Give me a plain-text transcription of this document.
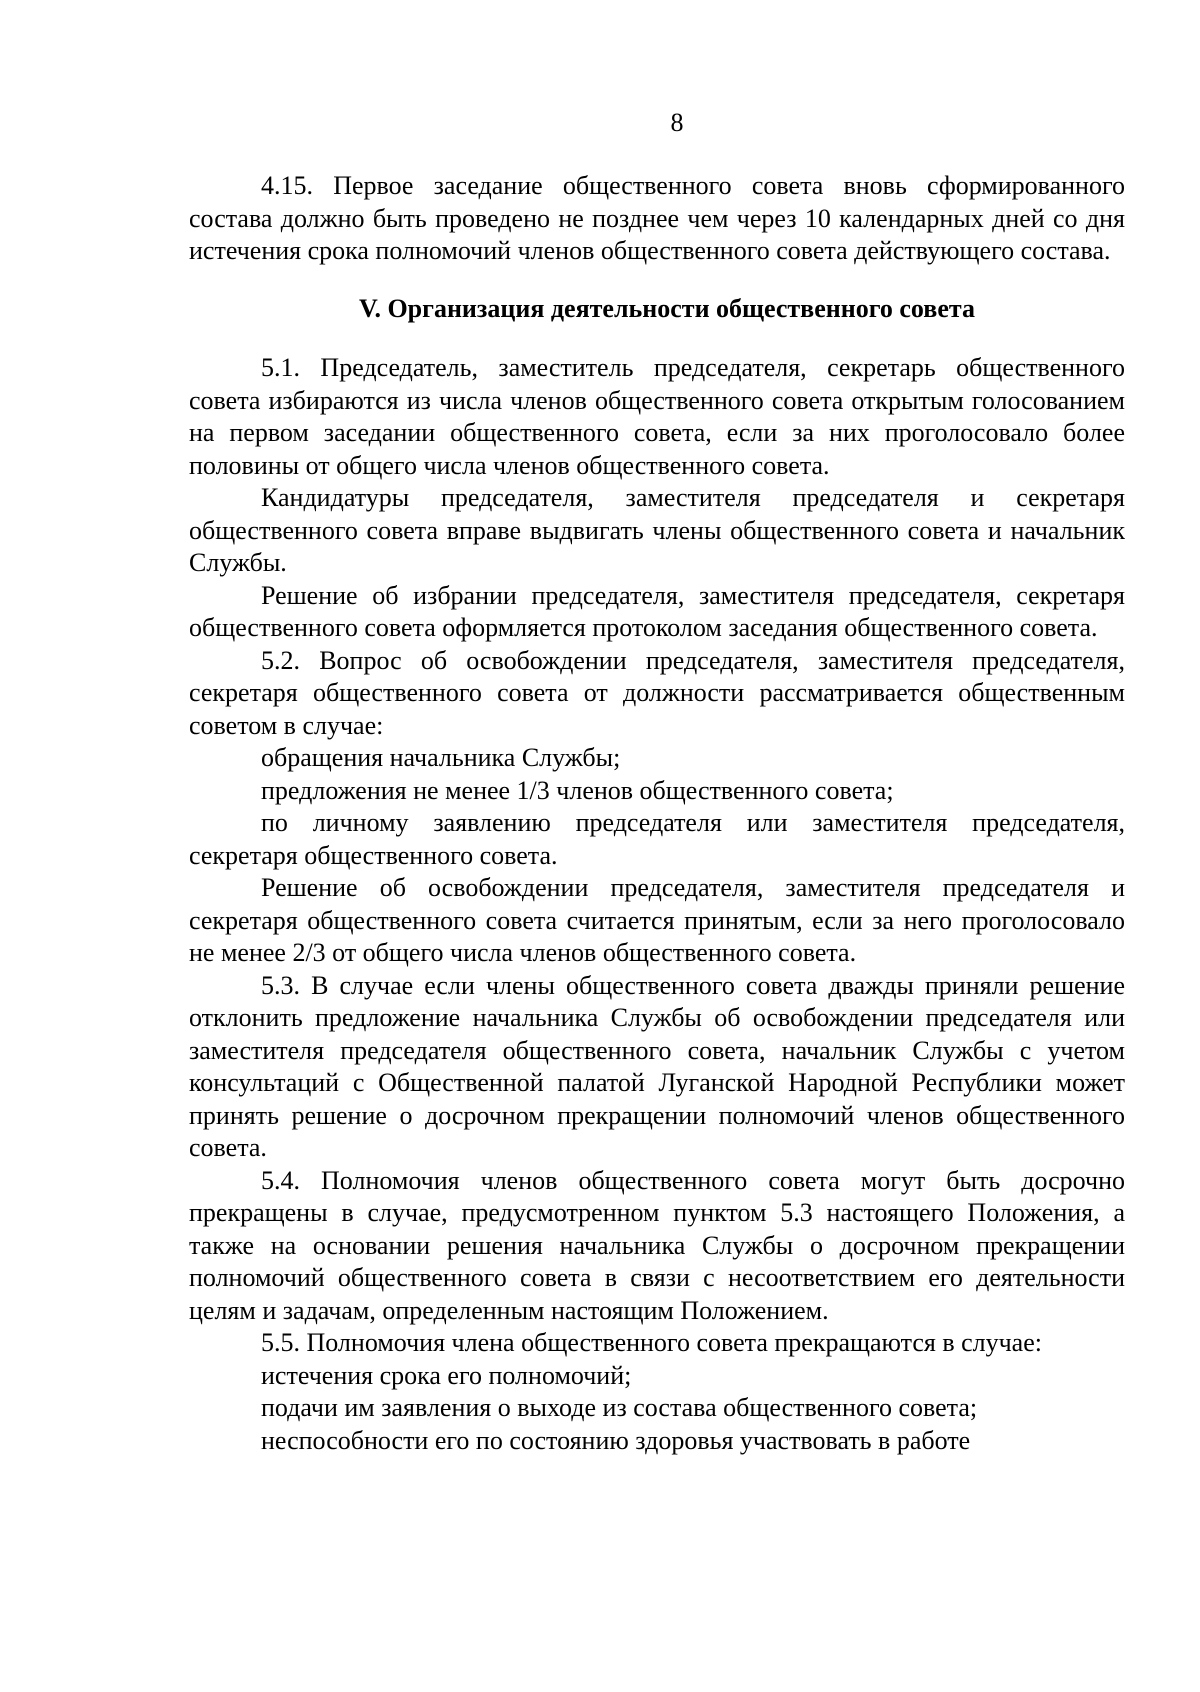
8

4.15. Первое заседание общественного совета вновь сформированного состава должно быть проведено не позднее чем через 10 календарных дней со дня истечения срока полномочий членов общественного совета действующего состава.

V. Организация деятельности общественного совета

5.1. Председатель, заместитель председателя, секретарь общественного совета избираются из числа членов общественного совета открытым голосованием на первом заседании общественного совета, если за них проголосовало более половины от общего числа членов общественного совета.

Кандидатуры председателя, заместителя председателя и секретаря общественного совета вправе выдвигать члены общественного совета и начальник Службы.

Решение об избрании председателя, заместителя председателя, секретаря общественного совета оформляется протоколом заседания общественного совета.

5.2. Вопрос об освобождении председателя, заместителя председателя, секретаря общественного совета от должности рассматривается общественным советом в случае:

обращения начальника Службы;

предложения не менее 1/3 членов общественного совета;

по личному заявлению председателя или заместителя председателя, секретаря общественного совета.

Решение об освобождении председателя, заместителя председателя и секретаря общественного совета считается принятым, если за него проголосовало не менее 2/3 от общего числа членов общественного совета.

5.3. В случае если члены общественного совета дважды приняли решение отклонить предложение начальника Службы об освобождении председателя или заместителя председателя общественного совета, начальник Службы с учетом консультаций с Общественной палатой Луганской Народной Республики может принять решение о досрочном прекращении полномочий членов общественного совета.

5.4. Полномочия членов общественного совета могут быть досрочно прекращены в случае, предусмотренном пунктом 5.3 настоящего Положения, а также на основании решения начальника Службы о досрочном прекращении полномочий общественного совета в связи с несоответствием его деятельности целям и задачам, определенным настоящим Положением.

5.5. Полномочия члена общественного совета прекращаются в случае:

истечения срока его полномочий;

подачи им заявления о выходе из состава общественного совета;

неспособности его по состоянию здоровья участвовать в работе
